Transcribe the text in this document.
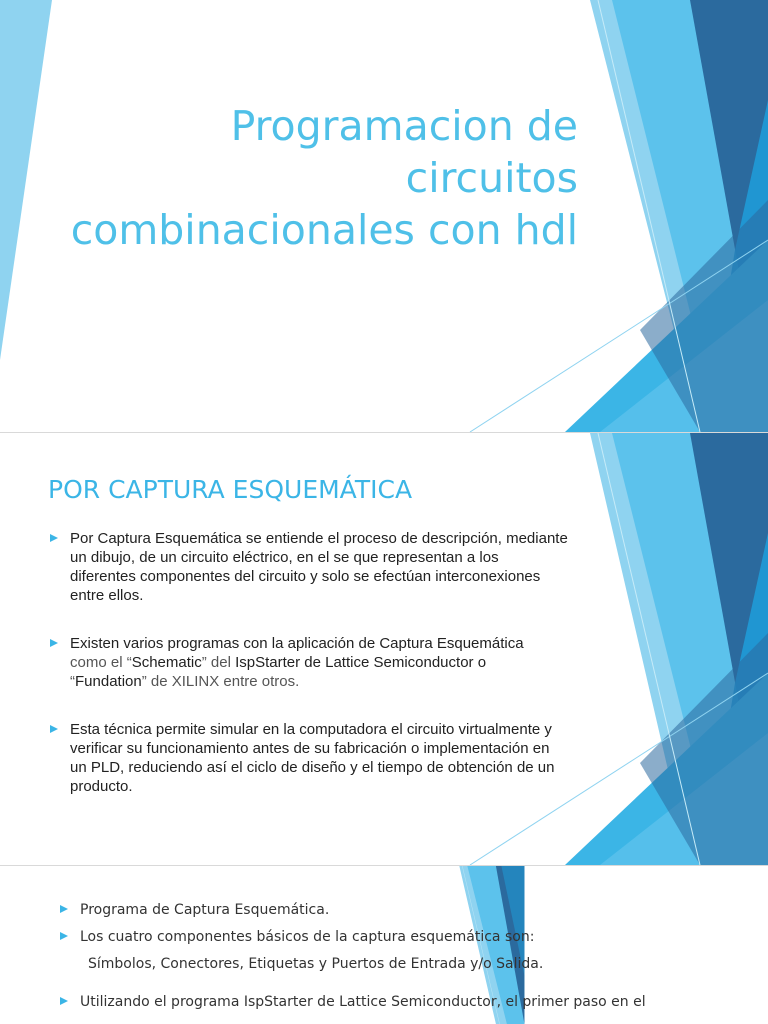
Programacion de
circuitos
combinacionales con hdl
POR CAPTURA ESQUEMÁTICA
Por Captura Esquemática se entiende el proceso de descripción, mediante un dibujo, de un circuito eléctrico, en el se que representan a los diferentes componentes del circuito y solo se efectúan interconexiones entre ellos.
Existen varios programas con la aplicación de Captura Esquemática
como el “Schematic” del IspStarter de Lattice Semiconductor o
“Fundation” de XILINX entre otros.
Esta técnica permite simular en la computadora el circuito virtualmente y verificar su funcionamiento antes de su fabricación o implementación en un PLD, reduciendo así el ciclo de diseño y el tiempo de obtención de un producto.
Programa de Captura Esquemática.
Los cuatro componentes básicos de la captura esquemática son:
Símbolos, Conectores, Etiquetas y Puertos de Entrada y/o Salida.
Utilizando el programa IspStarter de Lattice Semiconductor, el primer paso en el
